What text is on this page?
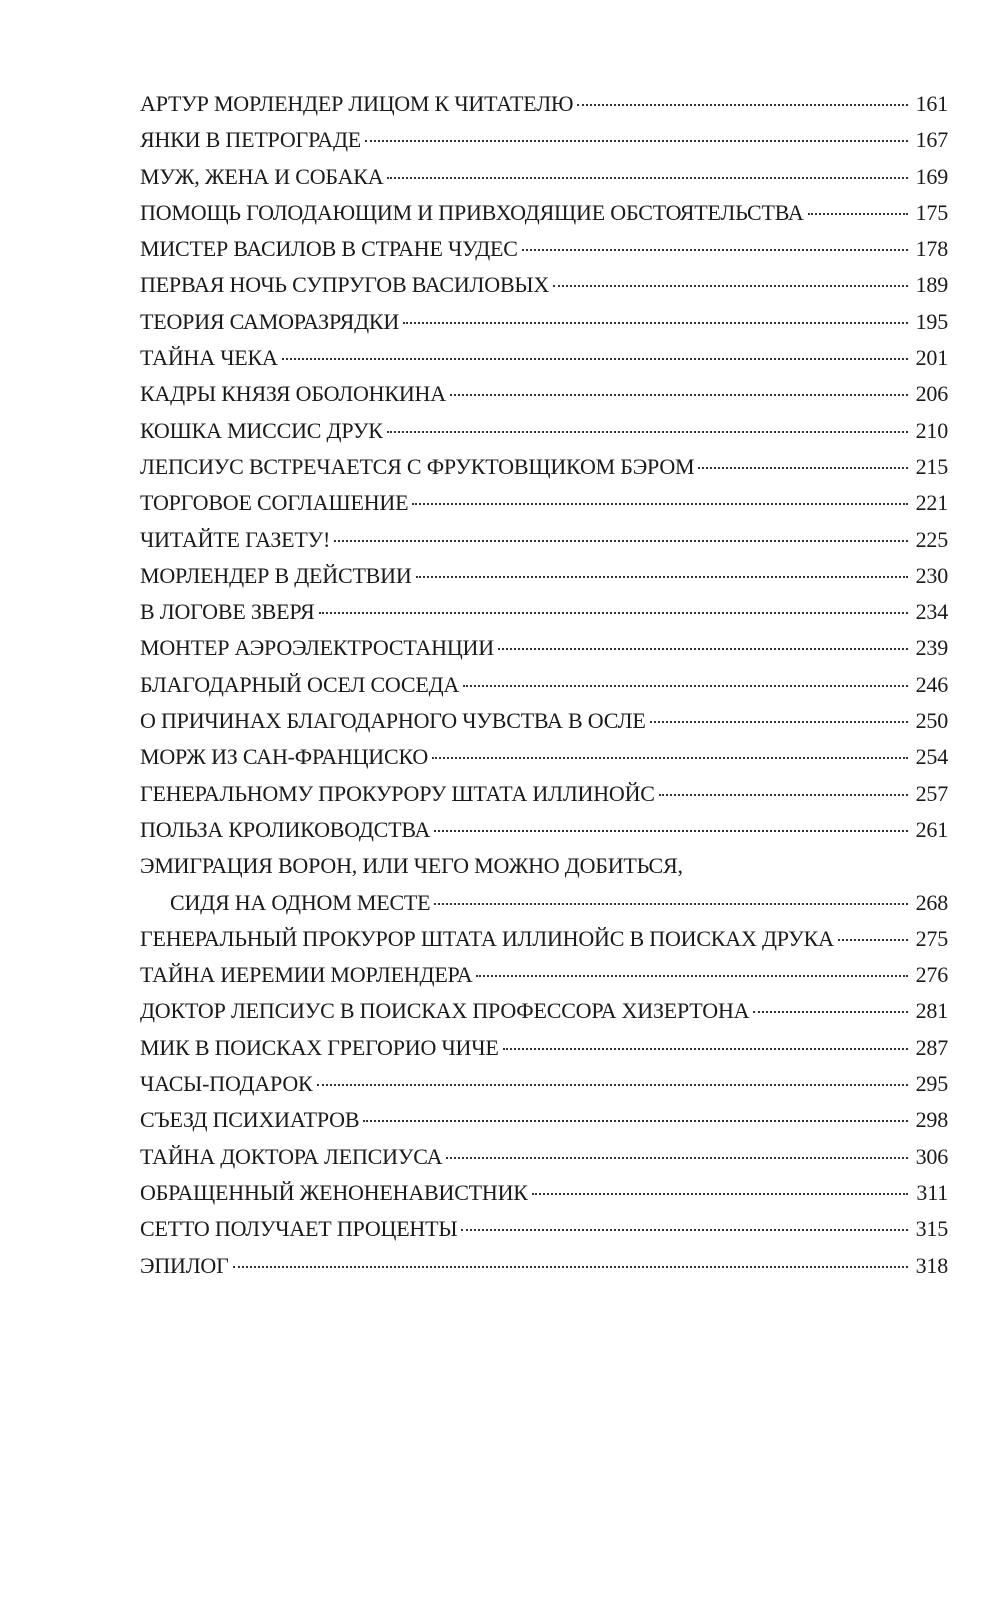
АРТУР МОРЛЕНДЕР ЛИЦОМ К ЧИТАТЕЛЮ	161
ЯНКИ В ПЕТРОГРАДЕ	167
МУЖ, ЖЕНА И СОБАКА	169
ПОМОЩЬ ГОЛОДАЮЩИМ И ПРИВХОДЯЩИЕ ОБСТОЯТЕЛЬСТВА	175
МИСТЕР ВАСИЛОВ В СТРАНЕ ЧУДЕС	178
ПЕРВАЯ НОЧЬ СУПРУГОВ ВАСИЛОВЫХ	189
ТЕОРИЯ САМОРАЗРЯДКИ	195
ТАЙНА ЧЕКА	201
КАДРЫ КНЯЗЯ ОБОЛОНКИНА	206
КОШКА МИССИС ДРУК	210
ЛЕПСИУС ВСТРЕЧАЕТСЯ С ФРУКТОВЩИКОМ БЭРОМ	215
ТОРГОВОЕ СОГЛАШЕНИЕ	221
ЧИТАЙТЕ ГАЗЕТУ!	225
МОРЛЕНДЕР В ДЕЙСТВИИ	230
В ЛОГОВЕ ЗВЕРЯ	234
МОНТЕР АЭРОЭЛЕКТРОСТАНЦИИ	239
БЛАГОДАРНЫЙ ОСЕЛ СОСЕДА	246
О ПРИЧИНАХ БЛАГОДАРНОГО ЧУВСТВА В ОСЛЕ	250
МОРЖ ИЗ САН-ФРАНЦИСКО	254
ГЕНЕРАЛЬНОМУ ПРОКУРОРУ ШТАТА ИЛЛИНОЙС	257
ПОЛЬЗА КРОЛИКОВОДСТВА	261
ЭМИГРАЦИЯ ВОРОН, ИЛИ ЧЕГО МОЖНО ДОБИТЬСЯ,
СИДЯ НА ОДНОМ МЕСТЕ	268
ГЕНЕРАЛЬНЫЙ ПРОКУРОР ШТАТА ИЛЛИНОЙС В ПОИСКАХ ДРУКА	275
ТАЙНА ИЕРЕМИИ МОРЛЕНДЕРА	276
ДОКТОР ЛЕПСИУС В ПОИСКАХ ПРОФЕССОРА ХИЗЕРТОНА	281
МИК В ПОИСКАХ ГРЕГОРИО ЧИЧЕ	287
ЧАСЫ-ПОДАРОК	295
СЪЕЗД ПСИХИАТРОВ	298
ТАЙНА ДОКТОРА ЛЕПСИУСА	306
ОБРАЩЕННЫЙ ЖЕНОНЕНАВИСТНИК	311
СЕТТО ПОЛУЧАЕТ ПРОЦЕНТЫ	315
ЭПИЛОГ	318
